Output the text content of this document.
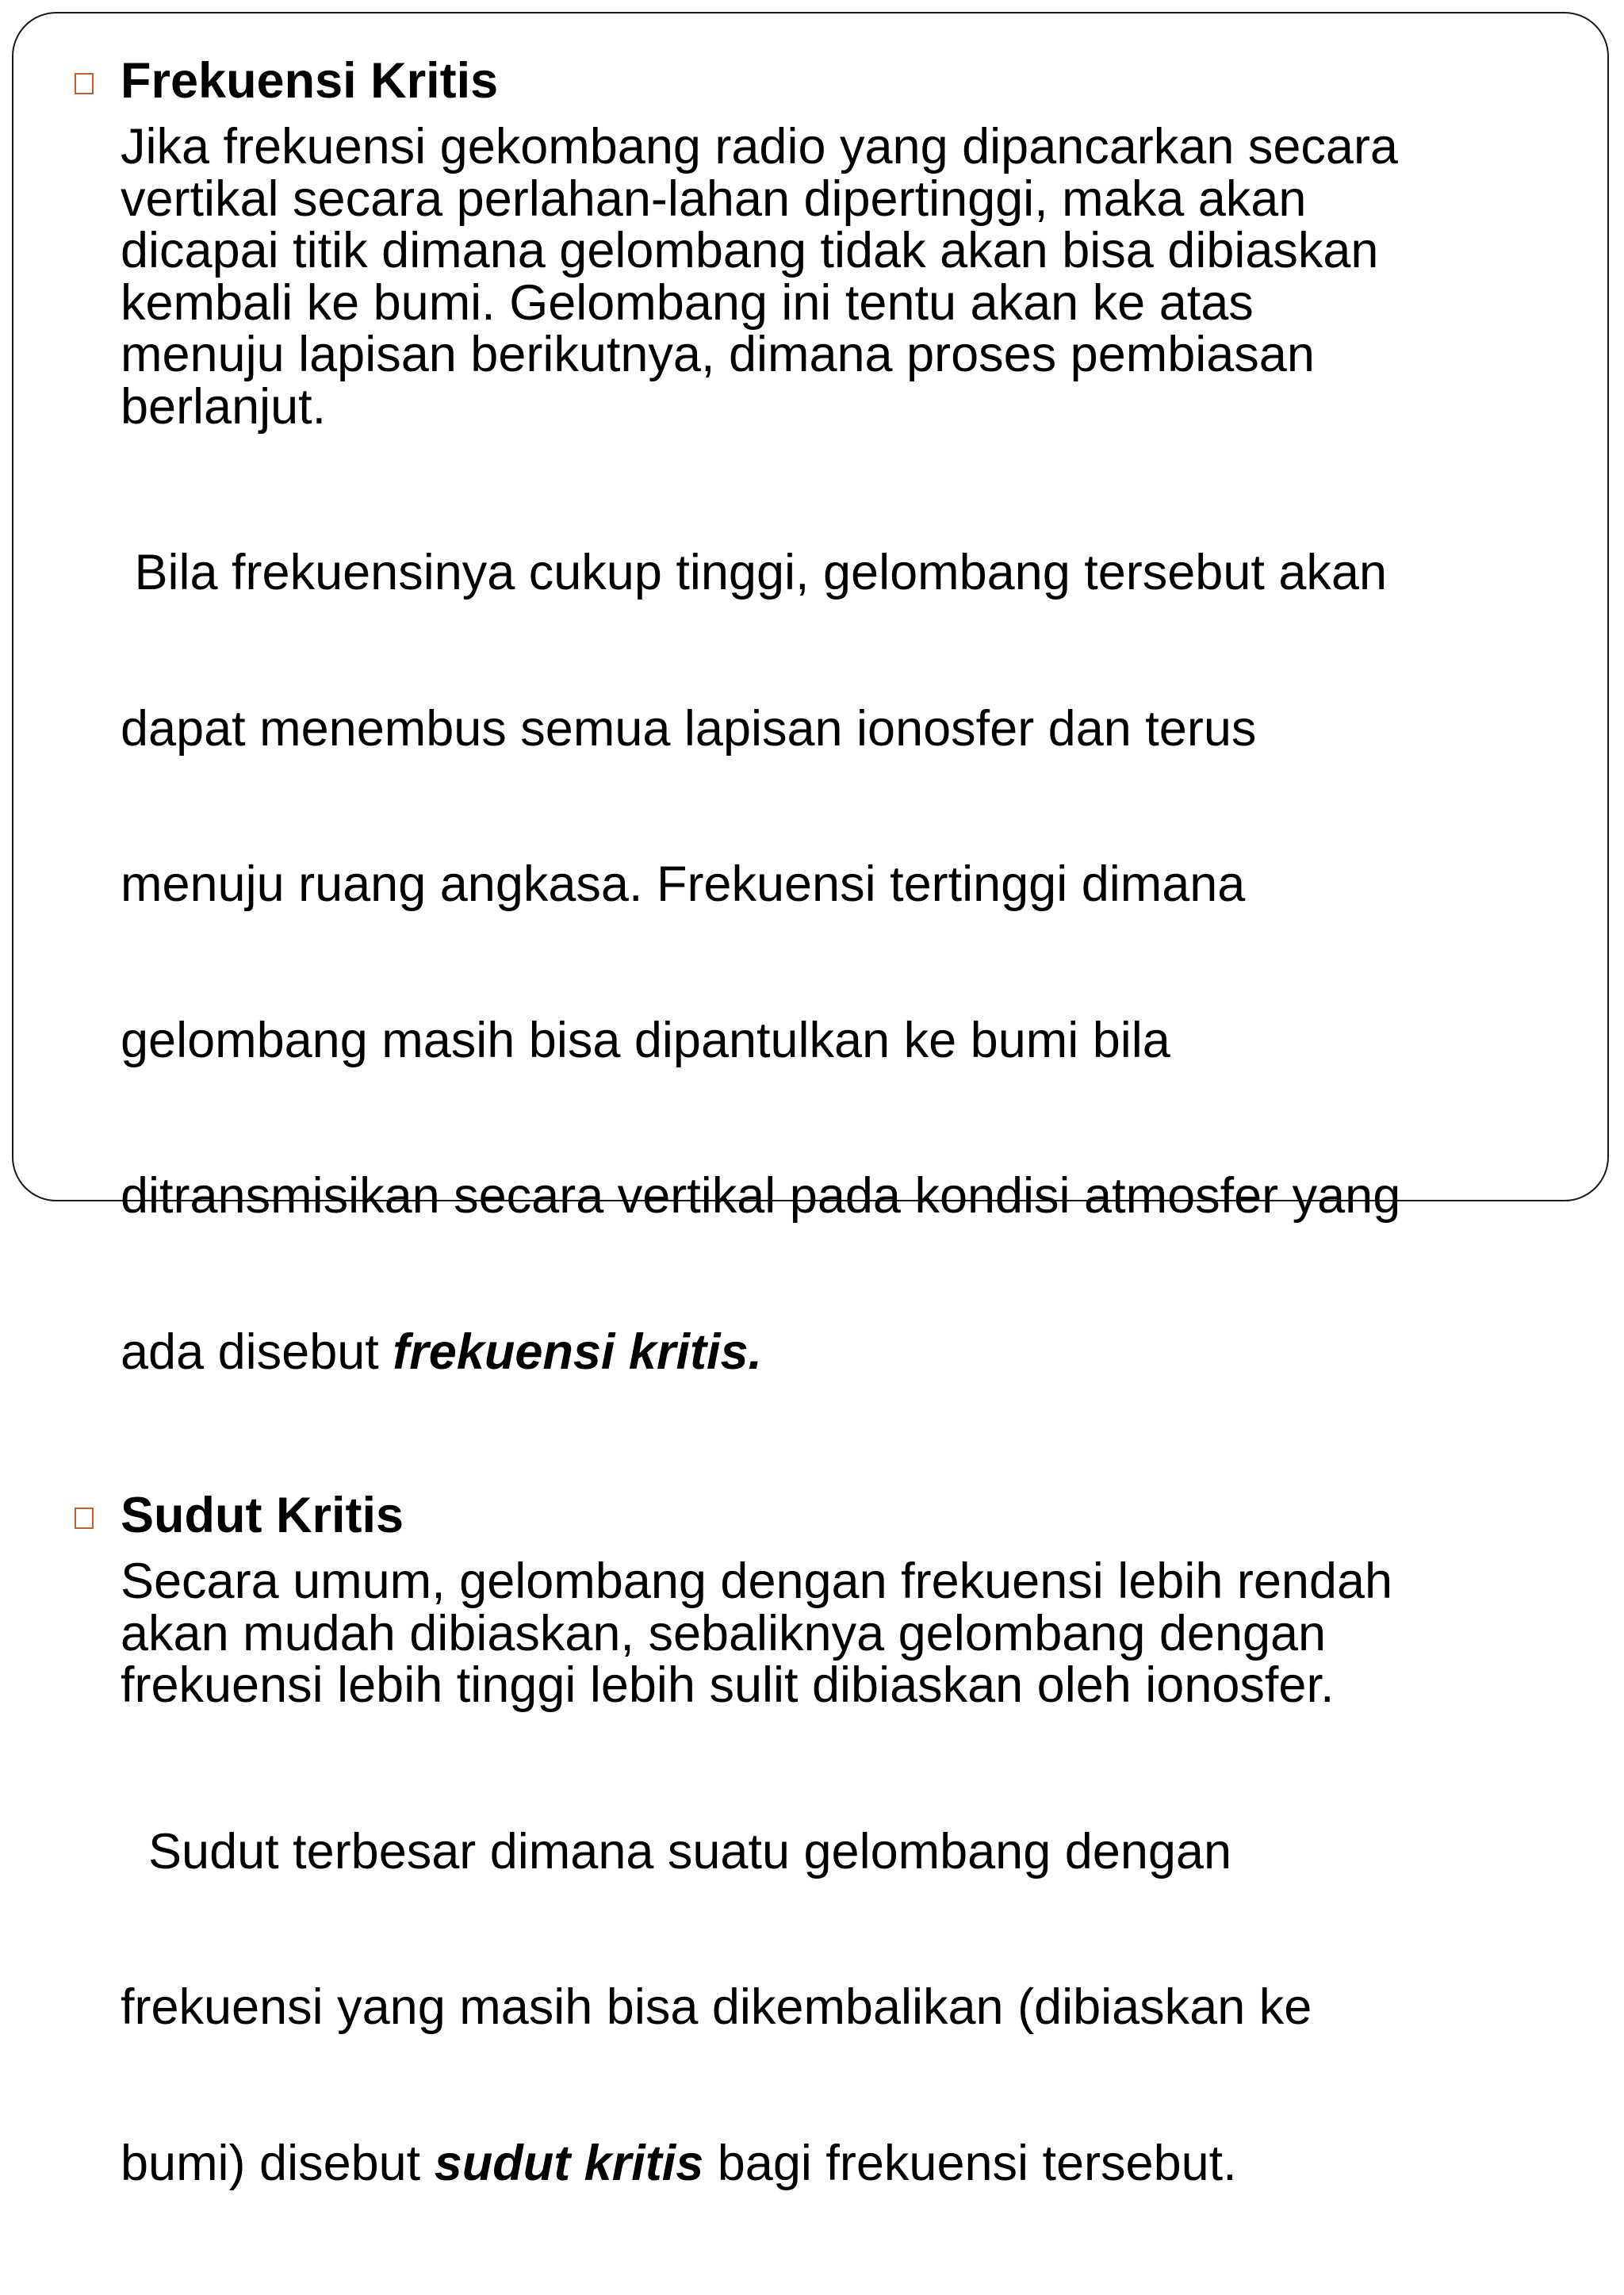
Frekuensi Kritis
Jika frekuensi gekombang radio yang dipancarkan secara
vertikal secara perlahan-lahan dipertinggi, maka akan
dicapai titik dimana gelombang tidak akan bisa dibiaskan
kembali ke bumi. Gelombang ini tentu akan ke atas
menuju lapisan berikutnya, dimana proses pembiasan
berlanjut.

Bila frekuensinya cukup tinggi, gelombang tersebut akan

dapat menembus semua lapisan ionosfer dan terus

menuju ruang angkasa. Frekuensi tertinggi dimana

gelombang masih bisa dipantulkan ke bumi bila

ditransmisikan secara vertikal pada kondisi atmosfer yang

ada disebut frekuensi kritis.

Sudut Kritis
Secara umum, gelombang dengan frekuensi lebih rendah
akan mudah dibiaskan, sebaliknya gelombang dengan
frekuensi lebih tinggi lebih sulit dibiaskan oleh ionosfer.

Sudut terbesar dimana suatu gelombang dengan

frekuensi yang masih bisa dikembalikan (dibiaskan ke

bumi) disebut sudut kritis bagi frekuensi tersebut.
